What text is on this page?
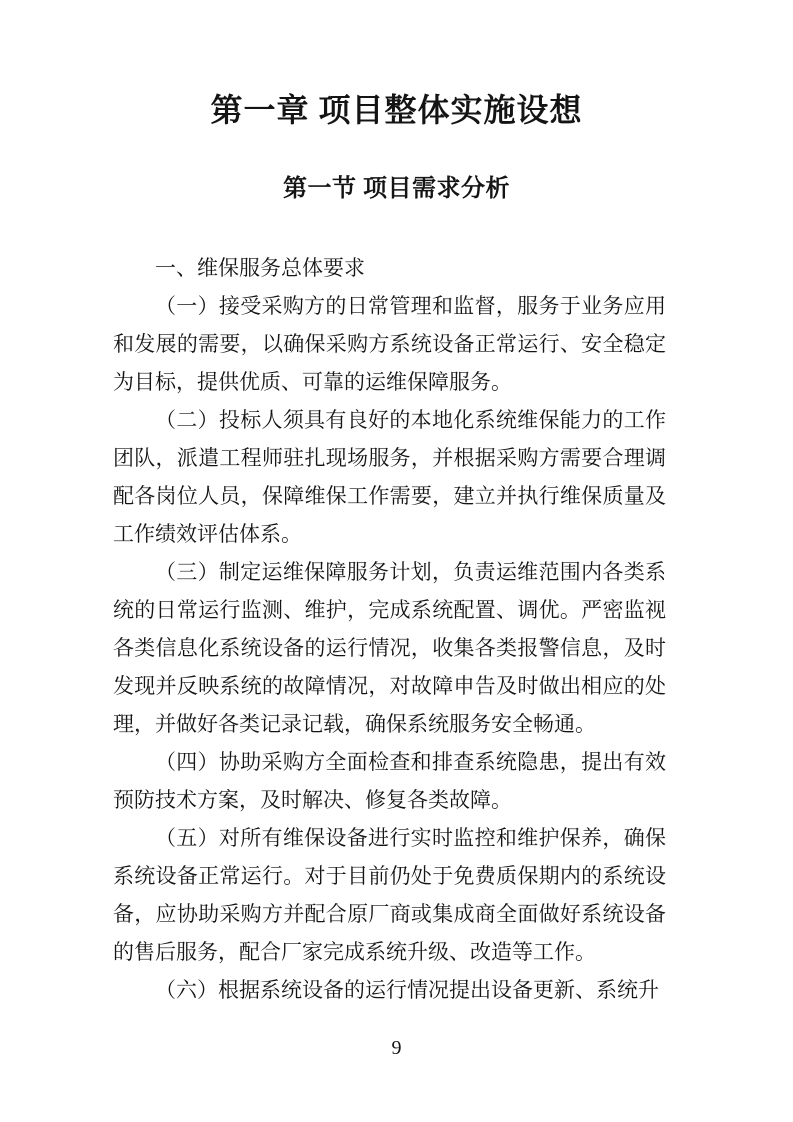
第一章 项目整体实施设想
第一节 项目需求分析

一、维保服务总体要求

（一）接受采购方的日常管理和监督，服务于业务应用和发展的需要，以确保采购方系统设备正常运行、安全稳定为目标，提供优质、可靠的运维保障服务。

（二）投标人须具有良好的本地化系统维保能力的工作团队，派遣工程师驻扎现场服务，并根据采购方需要合理调配各岗位人员，保障维保工作需要，建立并执行维保质量及工作绩效评估体系。

（三）制定运维保障服务计划，负责运维范围内各类系统的日常运行监测、维护，完成系统配置、调优。严密监视各类信息化系统设备的运行情况，收集各类报警信息，及时发现并反映系统的故障情况，对故障申告及时做出相应的处理，并做好各类记录记载，确保系统服务安全畅通。

（四）协助采购方全面检查和排查系统隐患，提出有效预防技术方案，及时解决、修复各类故障。

（五）对所有维保设备进行实时监控和维护保养，确保系统设备正常运行。对于目前仍处于免费质保期内的系统设备，应协助采购方并配合原厂商或集成商全面做好系统设备的售后服务，配合厂家完成系统升级、改造等工作。

（六）根据系统设备的运行情况提出设备更新、系统升

9
